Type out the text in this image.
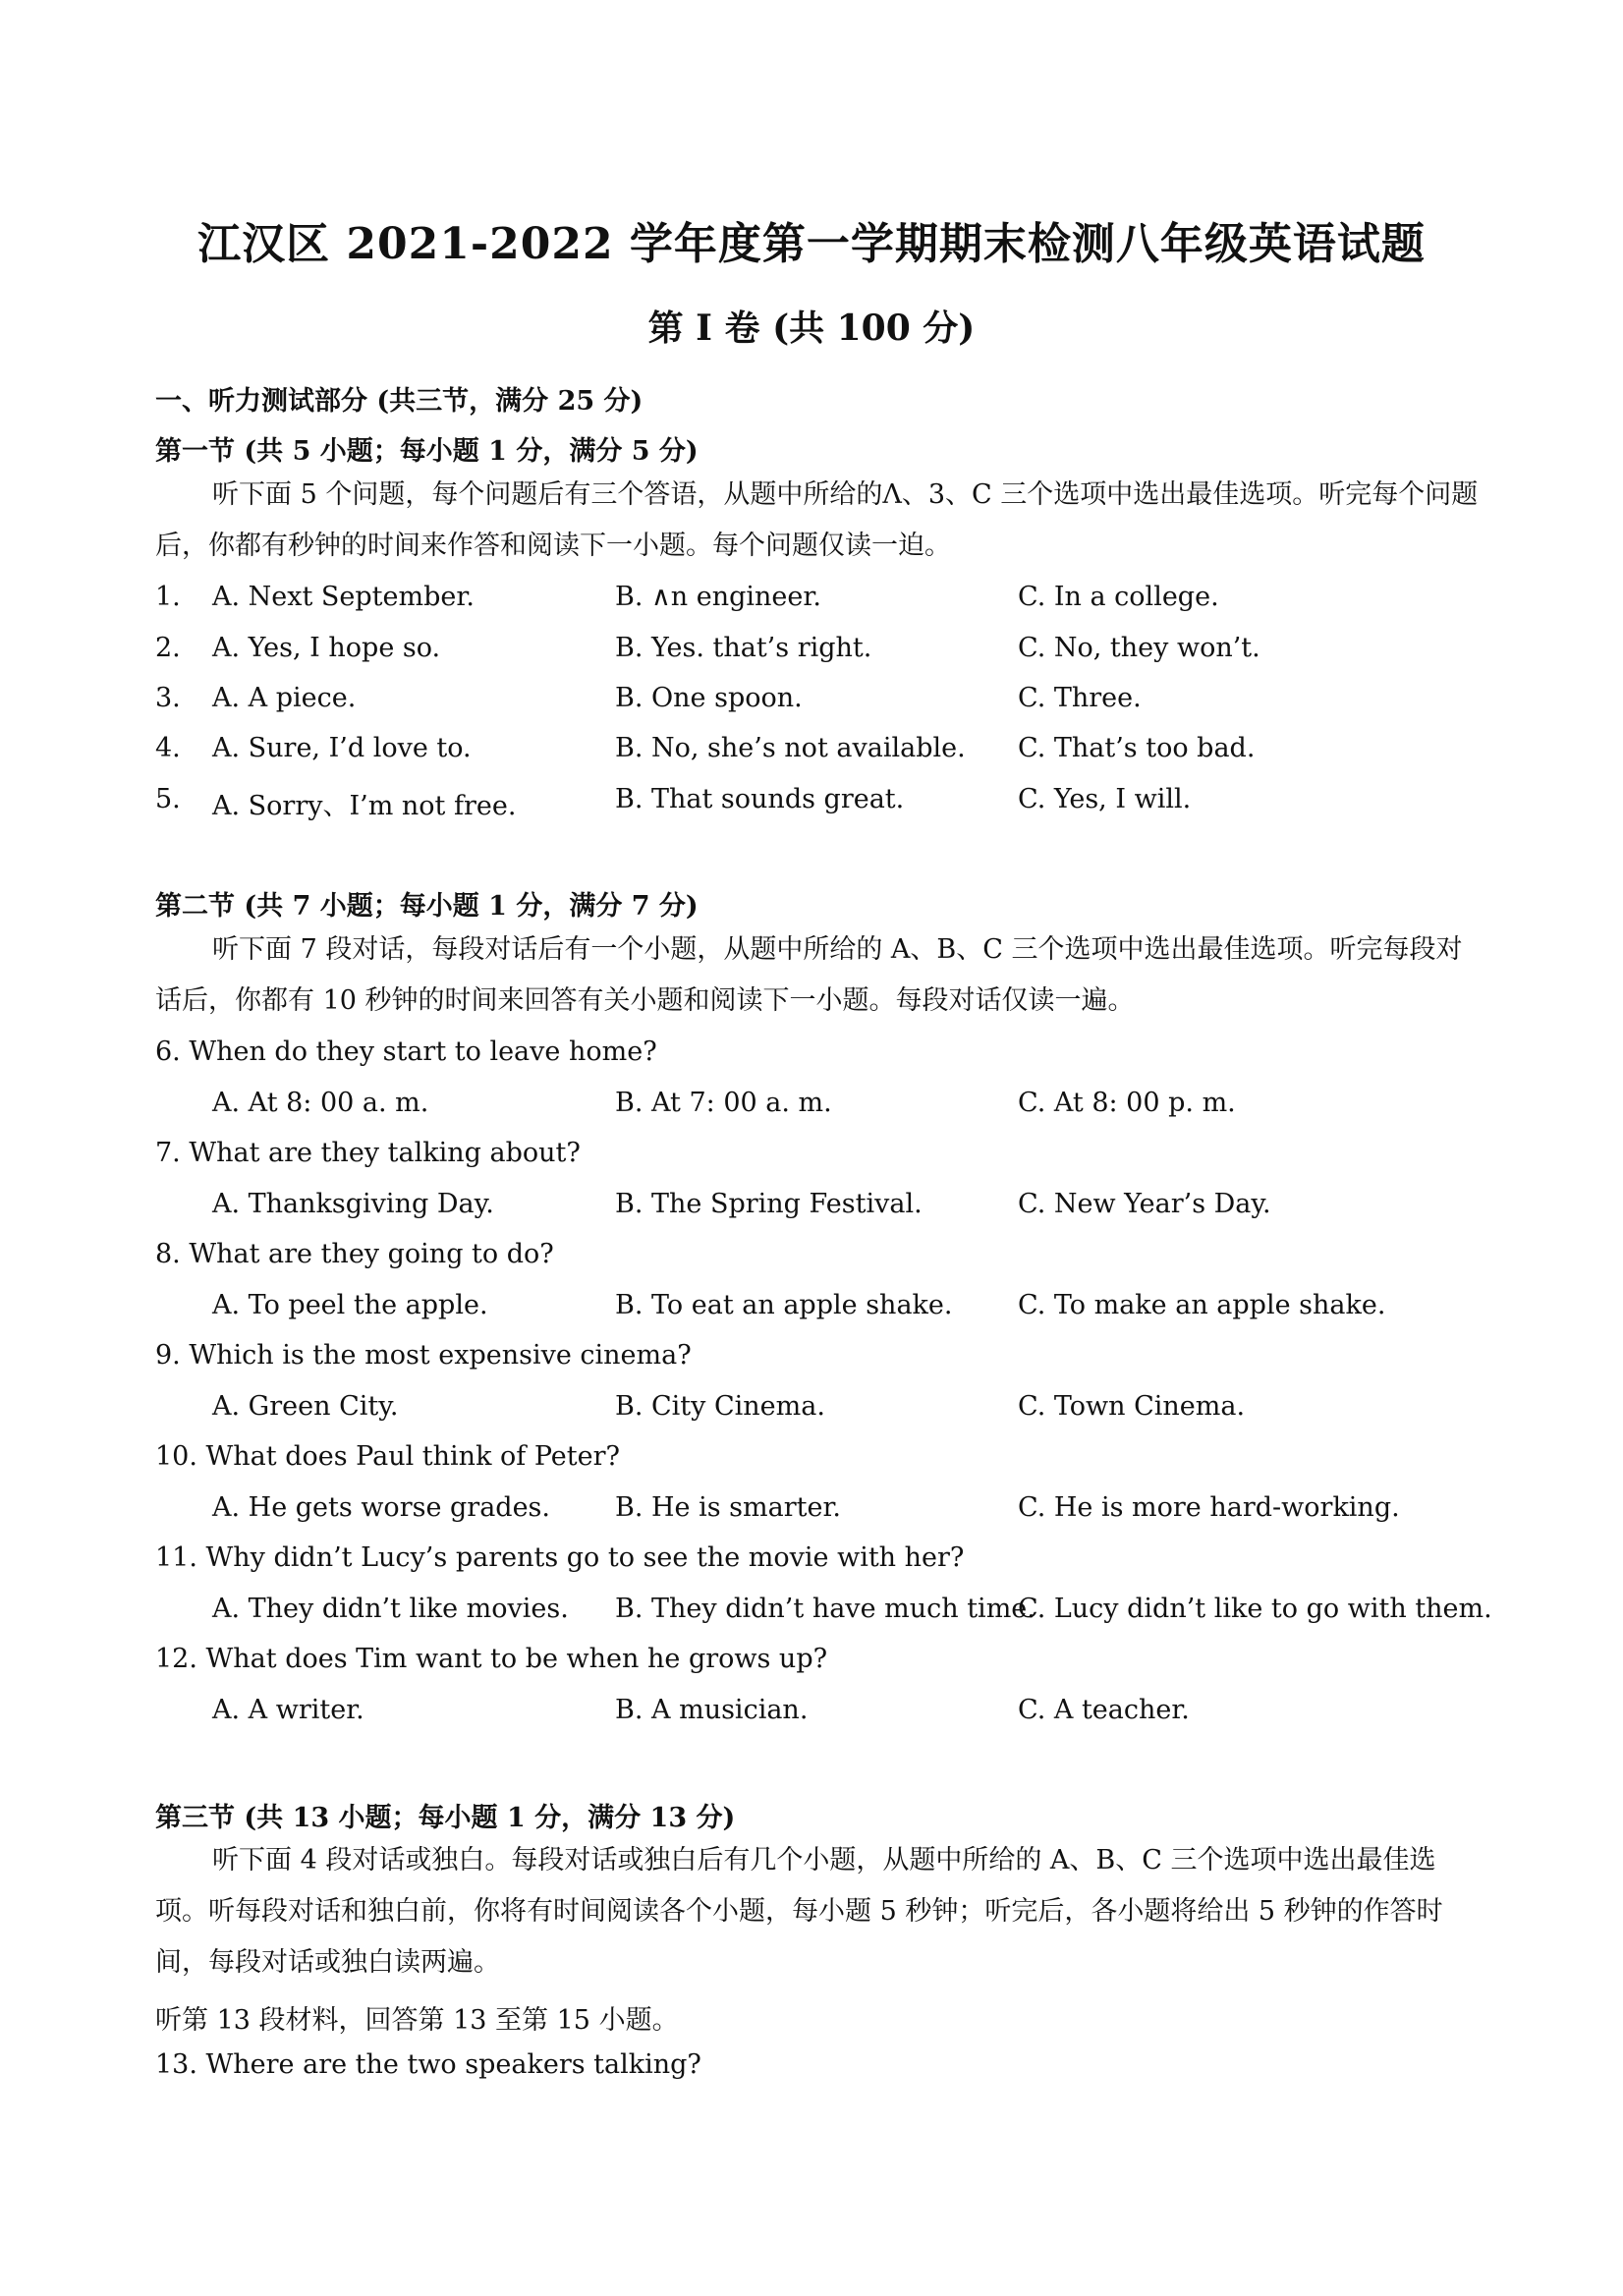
江汉区 2021-2022 学年度第一学期期末检测八年级英语试题
第 I 卷 (共 100 分)
一、听力测试部分 (共三节，满分 25 分)
第一节 (共 5 小题；每小题 1 分，满分 5 分)
听下面 5 个问题，每个问题后有三个答语，从题中所给的Λ、3、C 三个选项中选出最佳选项。听完每个问题后，你都有秒钟的时间来作答和阅读下一小题。每个问题仅读一迫。
1. A. Next September.	B. ∧n engineer.	C. In a college.
2. A. Yes, I hope so.	B. Yes. that’s right.	C. No, they won’t.
3. A. A piece.	B. One spoon.	C. Three.
4. A. Sure, I’d love to.	B. No, she’s not available. C. That’s too bad.
5. A. Sorry、I’m not free.	B. That sounds great.	C. Yes, I will.
第二节 (共 7 小题；每小题 1 分，满分 7 分)
听下面 7 段对话，每段对话后有一个小题，从题中所给的 A、B、C 三个选项中选出最佳选项。听完每段对话后，你都有 10 秒钟的时间来回答有关小题和阅读下一小题。每段对话仅读一遍。
6. When do they start to leave home?
A. At 8: 00 a. m.	B. At 7: 00 a. m.	C. At 8: 00 p. m.
7. What are they talking about?
A. Thanksgiving Day.	B. The Spring Festival.	C. New Year’s Day.
8. What are they going to do?
A. To peel the apple.	B. To eat an apple shake. C. To make an apple shake.
9. Which is the most expensive cinema?
A. Green City.	B. City Cinema.	C. Town Cinema.
10. What does Paul think of Peter?
A. He gets worse grades. B. He is smarter.	C. He is more hard-working.
11. Why didn’t Lucy’s parents go to see the movie with her?
A. They didn’t like movies. B. They didn’t have much time.
C. Lucy didn’t like to go with them.
12. What does Tim want to be when he grows up?
A. A writer.	B. A musician.	C. A teacher.
第三节 (共 13 小题；每小题 1 分，满分 13 分)
听下面 4 段对话或独白。每段对话或独白后有几个小题，从题中所给的 A、B、C 三个选项中选出最佳选项。听每段对话和独白前，你将有时间阅读各个小题，每小题 5 秒钟；听完后，各小题将给出 5 秒钟的作答时间，每段对话或独白读两遍。
听第 13 段材料，回答第 13 至第 15 小题。
13. Where are the two speakers talking?
